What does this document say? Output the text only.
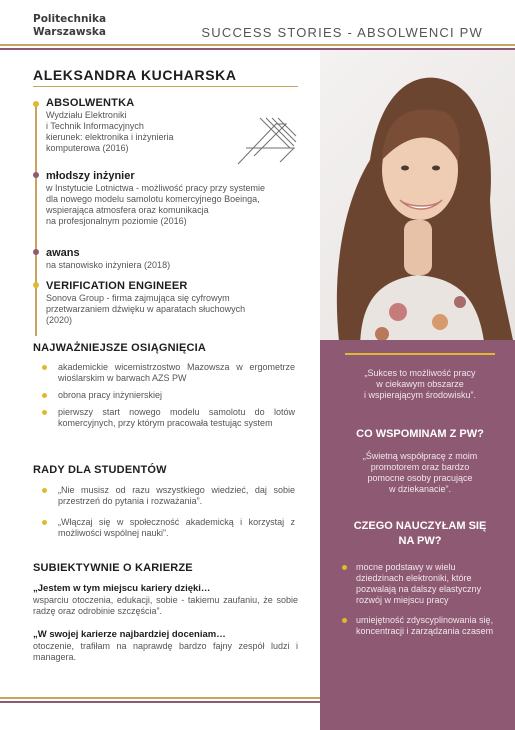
Politechnika
Warszawska	SUCCESS STORIES - ABSOLWENCI PW
ALEKSANDRA KUCHARSKA
ABSOLWENTKA
Wydziału Elektroniki
i Technik Informacyjnych
kierunek: elektronika i inżynieria
komputerowa (2016)
młodszy inżynier
w Instytucie Lotnictwa - możliwość pracy przy systemie
dla nowego modelu samolotu komercyjnego Boeinga,
wspierająca atmosfera oraz komunikacja
na profesjonalnym poziomie (2016)
awans
na stanowisko inżyniera (2018)
VERIFICATION ENGINEER
Sonova Group - firma zajmująca się cyfrowym
przetwarzaniem dźwięku w aparatach słuchowych
(2020)
NAJWAŻNIEJSZE OSIĄGNIĘCIA
akademickie wicemistrzostwo Mazowsza w ergometrze wioślarskim w barwach AZS PW
obrona pracy inżynierskiej
pierwszy start nowego modelu samolotu do lotów komercyjnych, przy którym pracowała testując system
RADY DLA STUDENTÓW
„Nie musisz od razu wszystkiego wiedzieć, daj sobie przestrzeń do pytania i rozważania”.
„Włączaj się w społeczność akademicką i korzystaj z możliwości wspólnej nauki”.
SUBIEKTYWNIE O KARIERZE
„Jestem w tym miejscu kariery dzięki…
wsparciu otoczenia, edukacji, sobie - takiemu zaufaniu, że sobie radzę oraz odrobinie szczęścia”.
„W swojej karierze najbardziej doceniam…
otoczenie, trafiłam na naprawdę bardzo fajny zespół ludzi i managera.
„Sukces to możliwość pracy
w ciekawym obszarze
i wspierającym środowisku”.
CO WSPOMINAM Z PW?
„Świetną współpracę z moim
promotorem oraz bardzo
pomocne osoby pracujące
w dziekanacie”.
CZEGO NAUCZYŁAM SIĘ
NA PW?
mocne podstawy w wielu dziedzinach elektroniki, które pozwalają na dalszy elastyczny rozwój w miejscu pracy
umiejętność zdyscyplinowania się, koncentracji i zarządzania czasem
